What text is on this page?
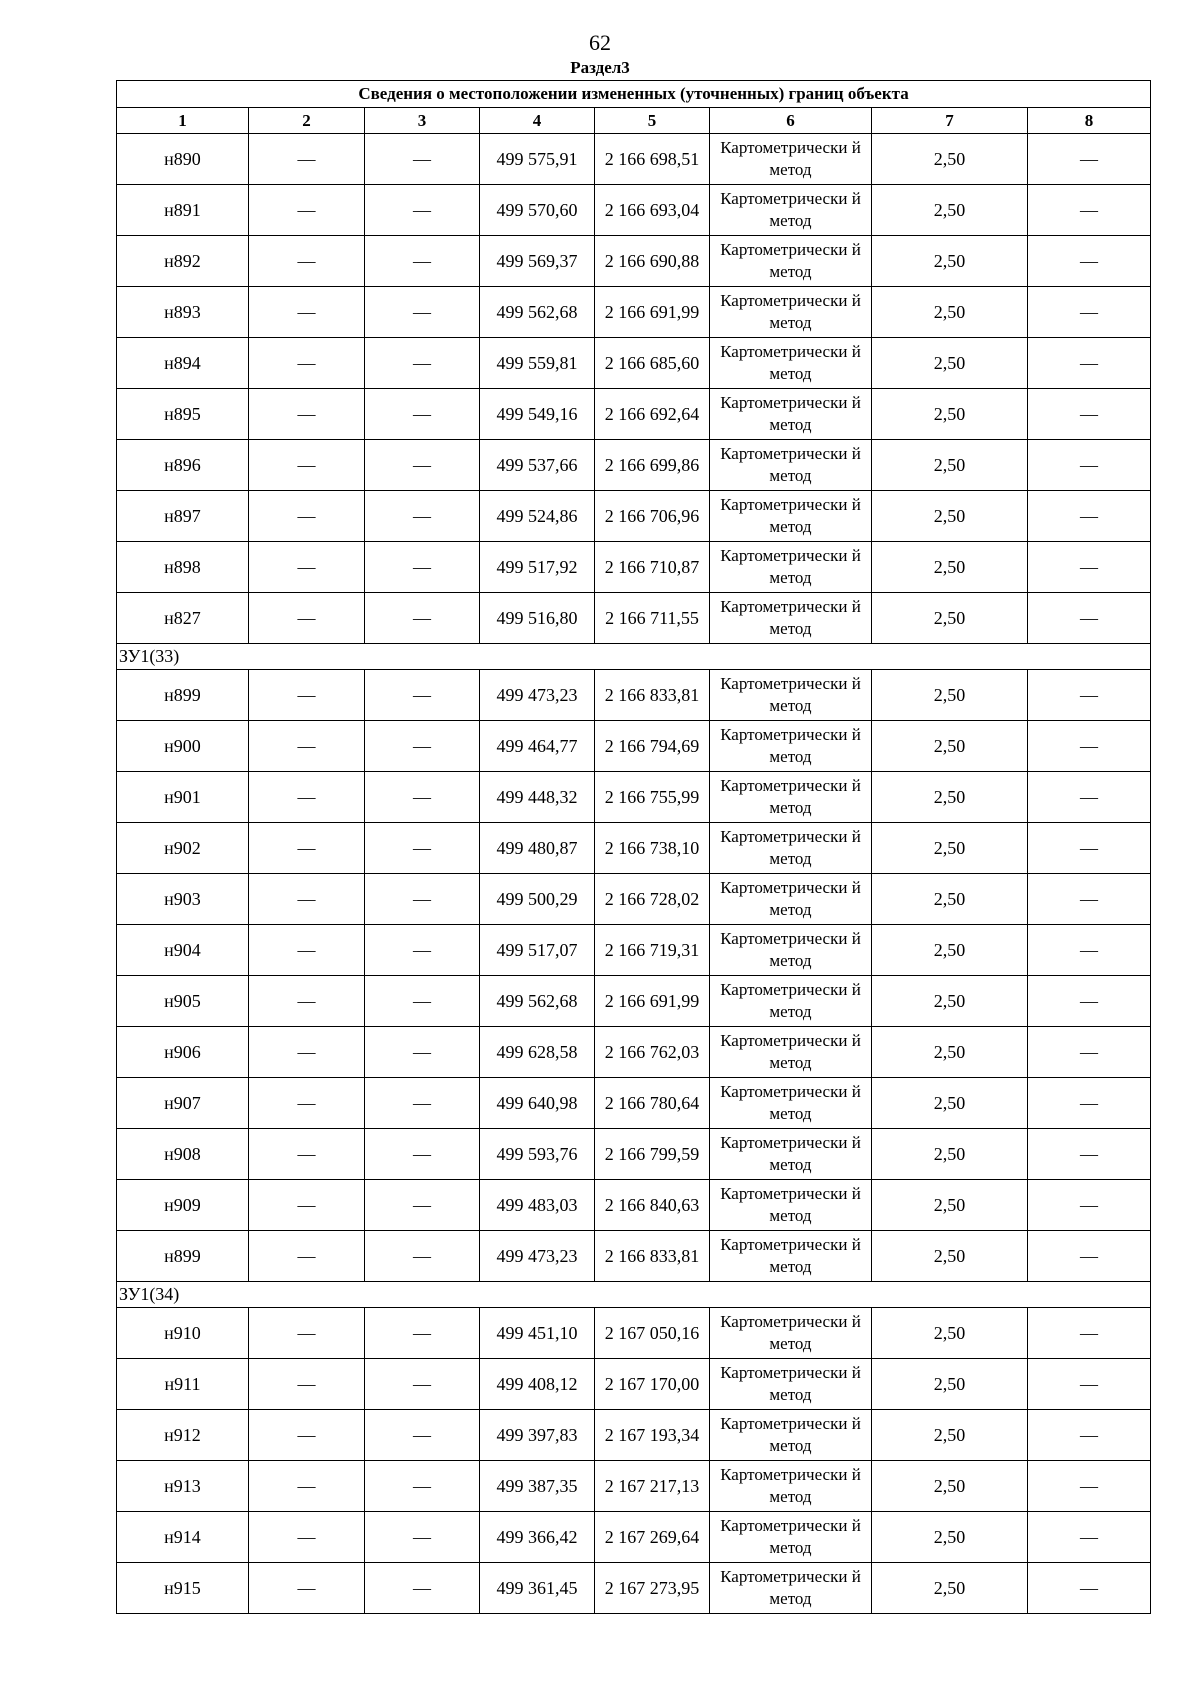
62
Раздел3
Сведения о местоположении измененных (уточненных) границ объекта							
1	2	3	4	5	6	7	8
н890	—	—	499 575,91	2 166 698,51	Картометрически й метод	2,50	—
н891	—	—	499 570,60	2 166 693,04	Картометрически й метод	2,50	—
н892	—	—	499 569,37	2 166 690,88	Картометрически й метод	2,50	—
н893	—	—	499 562,68	2 166 691,99	Картометрически й метод	2,50	—
н894	—	—	499 559,81	2 166 685,60	Картометрически й метод	2,50	—
н895	—	—	499 549,16	2 166 692,64	Картометрически й метод	2,50	—
н896	—	—	499 537,66	2 166 699,86	Картометрически й метод	2,50	—
н897	—	—	499 524,86	2 166 706,96	Картометрически й метод	2,50	—
н898	—	—	499 517,92	2 166 710,87	Картометрически й метод	2,50	—
н827	—	—	499 516,80	2 166 711,55	Картометрически й метод	2,50	—
ЗУ1(33)							
н899	—	—	499 473,23	2 166 833,81	Картометрически й метод	2,50	—
н900	—	—	499 464,77	2 166 794,69	Картометрически й метод	2,50	—
н901	—	—	499 448,32	2 166 755,99	Картометрически й метод	2,50	—
н902	—	—	499 480,87	2 166 738,10	Картометрически й метод	2,50	—
н903	—	—	499 500,29	2 166 728,02	Картометрически й метод	2,50	—
н904	—	—	499 517,07	2 166 719,31	Картометрически й метод	2,50	—
н905	—	—	499 562,68	2 166 691,99	Картометрически й метод	2,50	—
н906	—	—	499 628,58	2 166 762,03	Картометрически й метод	2,50	—
н907	—	—	499 640,98	2 166 780,64	Картометрически й метод	2,50	—
н908	—	—	499 593,76	2 166 799,59	Картометрически й метод	2,50	—
н909	—	—	499 483,03	2 166 840,63	Картометрически й метод	2,50	—
н899	—	—	499 473,23	2 166 833,81	Картометрически й метод	2,50	—
ЗУ1(34)							
н910	—	—	499 451,10	2 167 050,16	Картометрически й метод	2,50	—
н911	—	—	499 408,12	2 167 170,00	Картометрически й метод	2,50	—
н912	—	—	499 397,83	2 167 193,34	Картометрически й метод	2,50	—
н913	—	—	499 387,35	2 167 217,13	Картометрически й метод	2,50	—
н914	—	—	499 366,42	2 167 269,64	Картометрически й метод	2,50	—
н915	—	—	499 361,45	2 167 273,95	Картометрически й метод	2,50	—
